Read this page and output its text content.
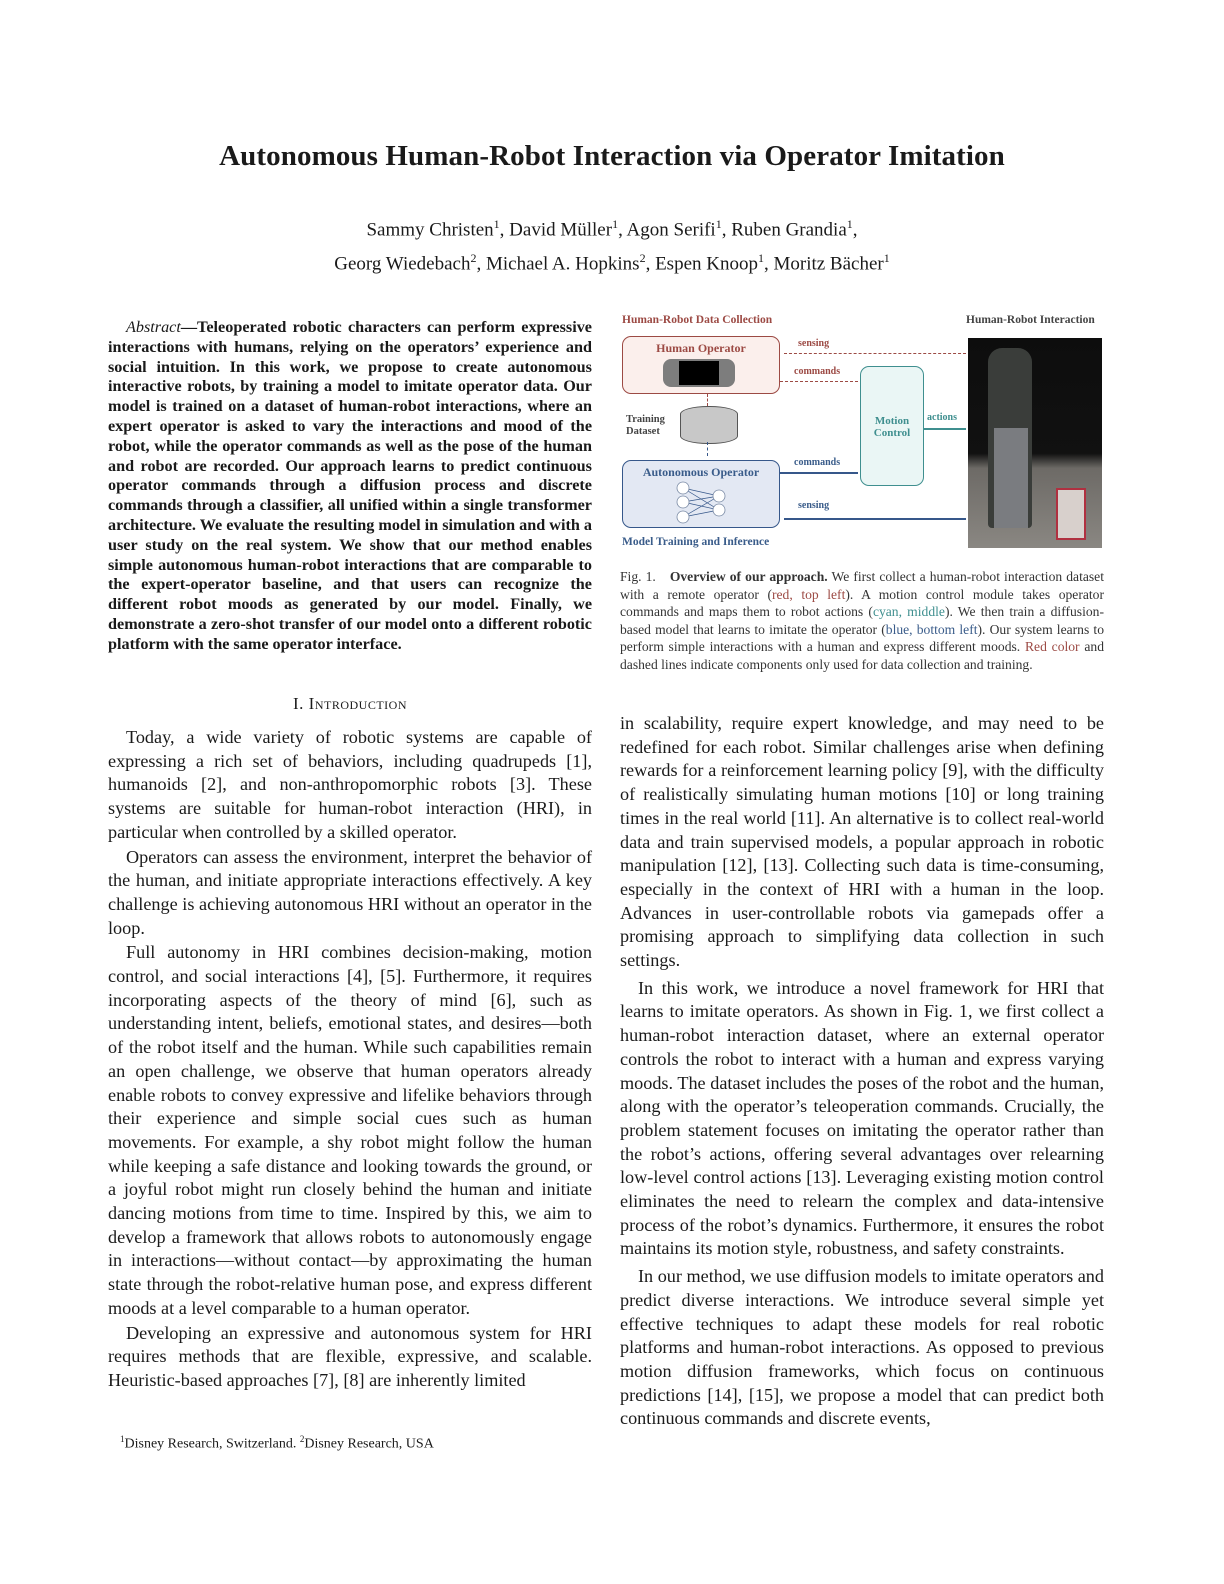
Autonomous Human-Robot Interaction via Operator Imitation
Sammy Christen$^1$, David Müller$^1$, Agon Serifi$^1$, Ruben Grandia$^1$,
Georg Wiedebach$^2$, Michael A. Hopkins$^2$, Espen Knoop$^1$, Moritz Bächer$^1$

Abstract—Teleoperated robotic characters can perform expressive interactions with humans, relying on the operators’ experience and social intuition. In this work, we propose to create autonomous interactive robots, by training a model to imitate operator data. Our model is trained on a dataset of human-robot interactions, where an expert operator is asked to vary the interactions and mood of the robot, while the operator commands as well as the pose of the human and robot are recorded. Our approach learns to predict continuous operator commands through a diffusion process and discrete commands through a classifier, all unified within a single transformer architecture. We evaluate the resulting model in simulation and with a user study on the real system. We show that our method enables simple autonomous human-robot interactions that are comparable to the expert-operator baseline, and that users can recognize the different robot moods as generated by our model. Finally, we demonstrate a zero-shot transfer of our model onto a different robotic platform with the same operator interface.

I. Introduction

Today, a wide variety of robotic systems are capable of expressing a rich set of behaviors, including quadrupeds [1], humanoids [2], and non-anthropomorphic robots [3]. These systems are suitable for human-robot interaction (HRI), in particular when controlled by a skilled operator.

Operators can assess the environment, interpret the behavior of the human, and initiate appropriate interactions effectively. A key challenge is achieving autonomous HRI without an operator in the loop.

Full autonomy in HRI combines decision-making, motion control, and social interactions [4], [5]. Furthermore, it requires incorporating aspects of the theory of mind [6], such as understanding intent, beliefs, emotional states, and desires—both of the robot itself and the human. While such capabilities remain an open challenge, we observe that human operators already enable robots to convey expressive and lifelike behaviors through their experience and simple social cues such as human movements. For example, a shy robot might follow the human while keeping a safe distance and looking towards the ground, or a joyful robot might run closely behind the human and initiate dancing motions from time to time. Inspired by this, we aim to develop a framework that allows robots to autonomously engage in interactions—without contact—by approximating the human state through the robot-relative human pose, and express different moods at a level comparable to a human operator.

Developing an expressive and autonomous system for HRI requires methods that are flexible, expressive, and scalable. Heuristic-based approaches [7], [8] are inherently limited

$^1$Disney Research, Switzerland. $^2$Disney Research, USA
Human-Robot Data Collection	Human-Robot Interaction
Human Operator
Training
Dataset
Autonomous Operator
Model Training and Inference
Motion
Control
sensing
commands
commands
sensing
actions
Fig. 1. Overview of our approach. We first collect a human-robot interaction dataset with a remote operator (red, top left). A motion control module takes operator commands and maps them to robot actions (cyan, middle). We then train a diffusion-based model that learns to imitate the operator (blue, bottom left). Our system learns to perform simple interactions with a human and express different moods. Red color and dashed lines indicate components only used for data collection and training.

in scalability, require expert knowledge, and may need to be redefined for each robot. Similar challenges arise when defining rewards for a reinforcement learning policy [9], with the difficulty of realistically simulating human motions [10] or long training times in the real world [11]. An alternative is to collect real-world data and train supervised models, a popular approach in robotic manipulation [12], [13]. Collecting such data is time-consuming, especially in the context of HRI with a human in the loop. Advances in user-controllable robots via gamepads offer a promising approach to simplifying data collection in such settings.

In this work, we introduce a novel framework for HRI that learns to imitate operators. As shown in Fig. 1, we first collect a human-robot interaction dataset, where an external operator controls the robot to interact with a human and express varying moods. The dataset includes the poses of the robot and the human, along with the operator’s teleoperation commands. Crucially, the problem statement focuses on imitating the operator rather than the robot’s actions, offering several advantages over relearning low-level control actions [13]. Leveraging existing motion control eliminates the need to relearn the complex and data-intensive process of the robot’s dynamics. Furthermore, it ensures the robot maintains its motion style, robustness, and safety constraints.

In our method, we use diffusion models to imitate operators and predict diverse interactions. We introduce several simple yet effective techniques to adapt these models for real robotic platforms and human-robot interactions. As opposed to previous motion diffusion frameworks, which focus on continuous predictions [14], [15], we propose a model that can predict both continuous commands and discrete events,
